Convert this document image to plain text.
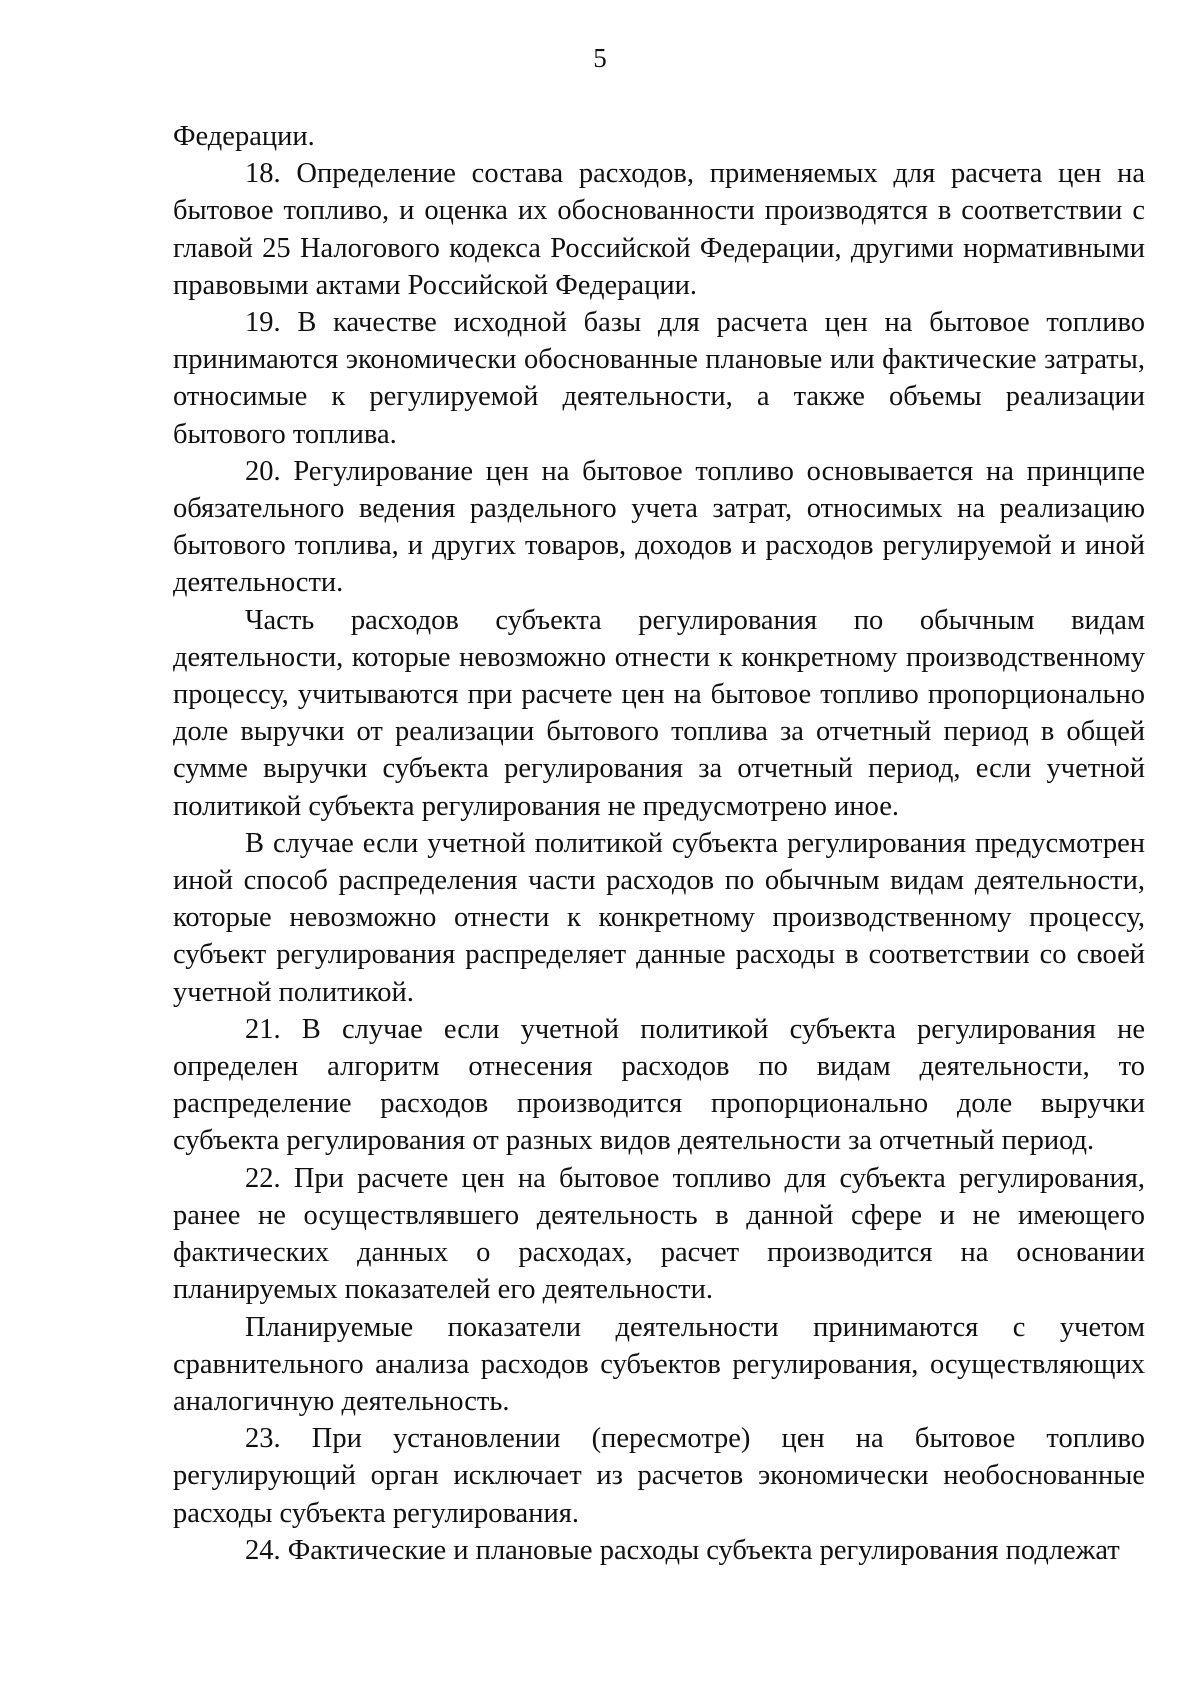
5

Федерации.

18. Определение состава расходов, применяемых для расчета цен на бытовое топливо, и оценка их обоснованности производятся в соответствии с главой 25 Налогового кодекса Российской Федерации, другими нормативными правовыми актами Российской Федерации.

19. В качестве исходной базы для расчета цен на бытовое топливо принимаются экономически обоснованные плановые или фактические затраты, относимые к регулируемой деятельности, а также объемы реализации бытового топлива.

20. Регулирование цен на бытовое топливо основывается на принципе обязательного ведения раздельного учета затрат, относимых на реализацию бытового топлива, и других товаров, доходов и расходов регулируемой и иной деятельности.

Часть расходов субъекта регулирования по обычным видам деятельности, которые невозможно отнести к конкретному производственному процессу, учитываются при расчете цен на бытовое топливо пропорционально доле выручки от реализации бытового топлива за отчетный период в общей сумме выручки субъекта регулирования за отчетный период, если учетной политикой субъекта регулирования не предусмотрено иное.

В случае если учетной политикой субъекта регулирования предусмотрен иной способ распределения части расходов по обычным видам деятельности, которые невозможно отнести к конкретному производственному процессу, субъект регулирования распределяет данные расходы в соответствии со своей учетной политикой.

21. В случае если учетной политикой субъекта регулирования не определен алгоритм отнесения расходов по видам деятельности, то распределение расходов производится пропорционально доле выручки субъекта регулирования от разных видов деятельности за отчетный период.

22. При расчете цен на бытовое топливо для субъекта регулирования, ранее не осуществлявшего деятельность в данной сфере и не имеющего фактических данных о расходах, расчет производится на основании планируемых показателей его деятельности.

Планируемые показатели деятельности принимаются с учетом сравнительного анализа расходов субъектов регулирования, осуществляющих аналогичную деятельность.

23. При установлении (пересмотре) цен на бытовое топливо регулирующий орган исключает из расчетов экономически необоснованные расходы субъекта регулирования.

24. Фактические и плановые расходы субъекта регулирования подлежат
